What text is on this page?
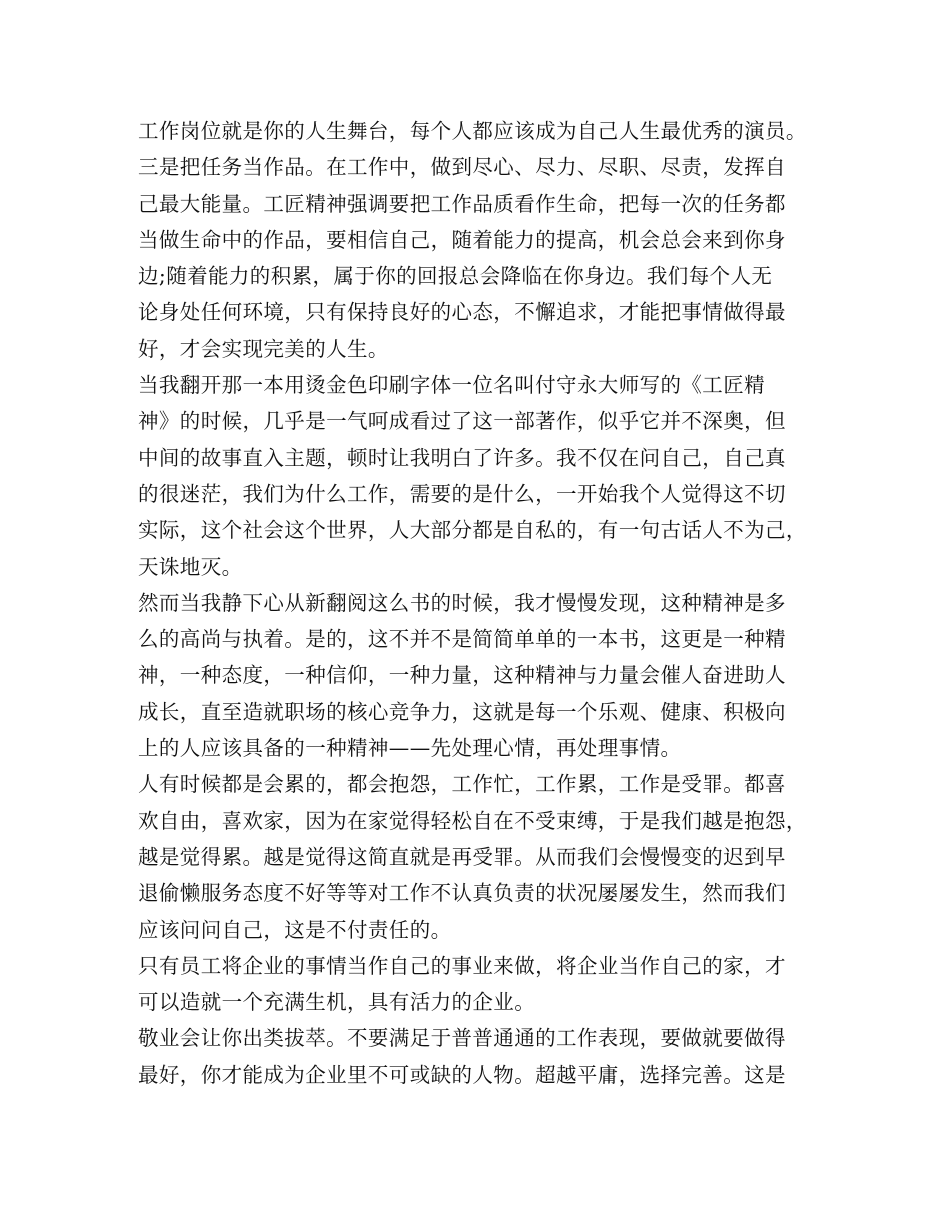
工作岗位就是你的人生舞台，每个人都应该成为自己人生最优秀的演员。
三是把任务当作品。在工作中，做到尽心、尽力、尽职、尽责，发挥自
己最大能量。工匠精神强调要把工作品质看作生命，把每一次的任务都
当做生命中的作品，要相信自己，随着能力的提高，机会总会来到你身
边;随着能力的积累，属于你的回报总会降临在你身边。我们每个人无
论身处任何环境，只有保持良好的心态，不懈追求，才能把事情做得最
好，才会实现完美的人生。
当我翻开那一本用烫金色印刷字体一位名叫付守永大师写的《工匠精
神》的时候，几乎是一气呵成看过了这一部著作，似乎它并不深奥，但
中间的故事直入主题，顿时让我明白了许多。我不仅在问自己，自己真
的很迷茫，我们为什么工作，需要的是什么，一开始我个人觉得这不切
实际，这个社会这个世界，人大部分都是自私的，有一句古话人不为己，
天诛地灭。
然而当我静下心从新翻阅这么书的时候，我才慢慢发现，这种精神是多
么的高尚与执着。是的，这不并不是简简单单的一本书，这更是一种精
神，一种态度，一种信仰，一种力量，这种精神与力量会催人奋进助人
成长，直至造就职场的核心竞争力，这就是每一个乐观、健康、积极向
上的人应该具备的一种精神——先处理心情，再处理事情。
人有时候都是会累的，都会抱怨，工作忙，工作累，工作是受罪。都喜
欢自由，喜欢家，因为在家觉得轻松自在不受束缚，于是我们越是抱怨，
越是觉得累。越是觉得这简直就是再受罪。从而我们会慢慢变的迟到早
退偷懒服务态度不好等等对工作不认真负责的状况屡屡发生，然而我们
应该问问自己，这是不付责任的。
只有员工将企业的事情当作自己的事业来做，将企业当作自己的家，才
可以造就一个充满生机，具有活力的企业。
敬业会让你出类拔萃。不要满足于普普通通的工作表现，要做就要做得
最好，你才能成为企业里不可或缺的人物。超越平庸，选择完善。这是
